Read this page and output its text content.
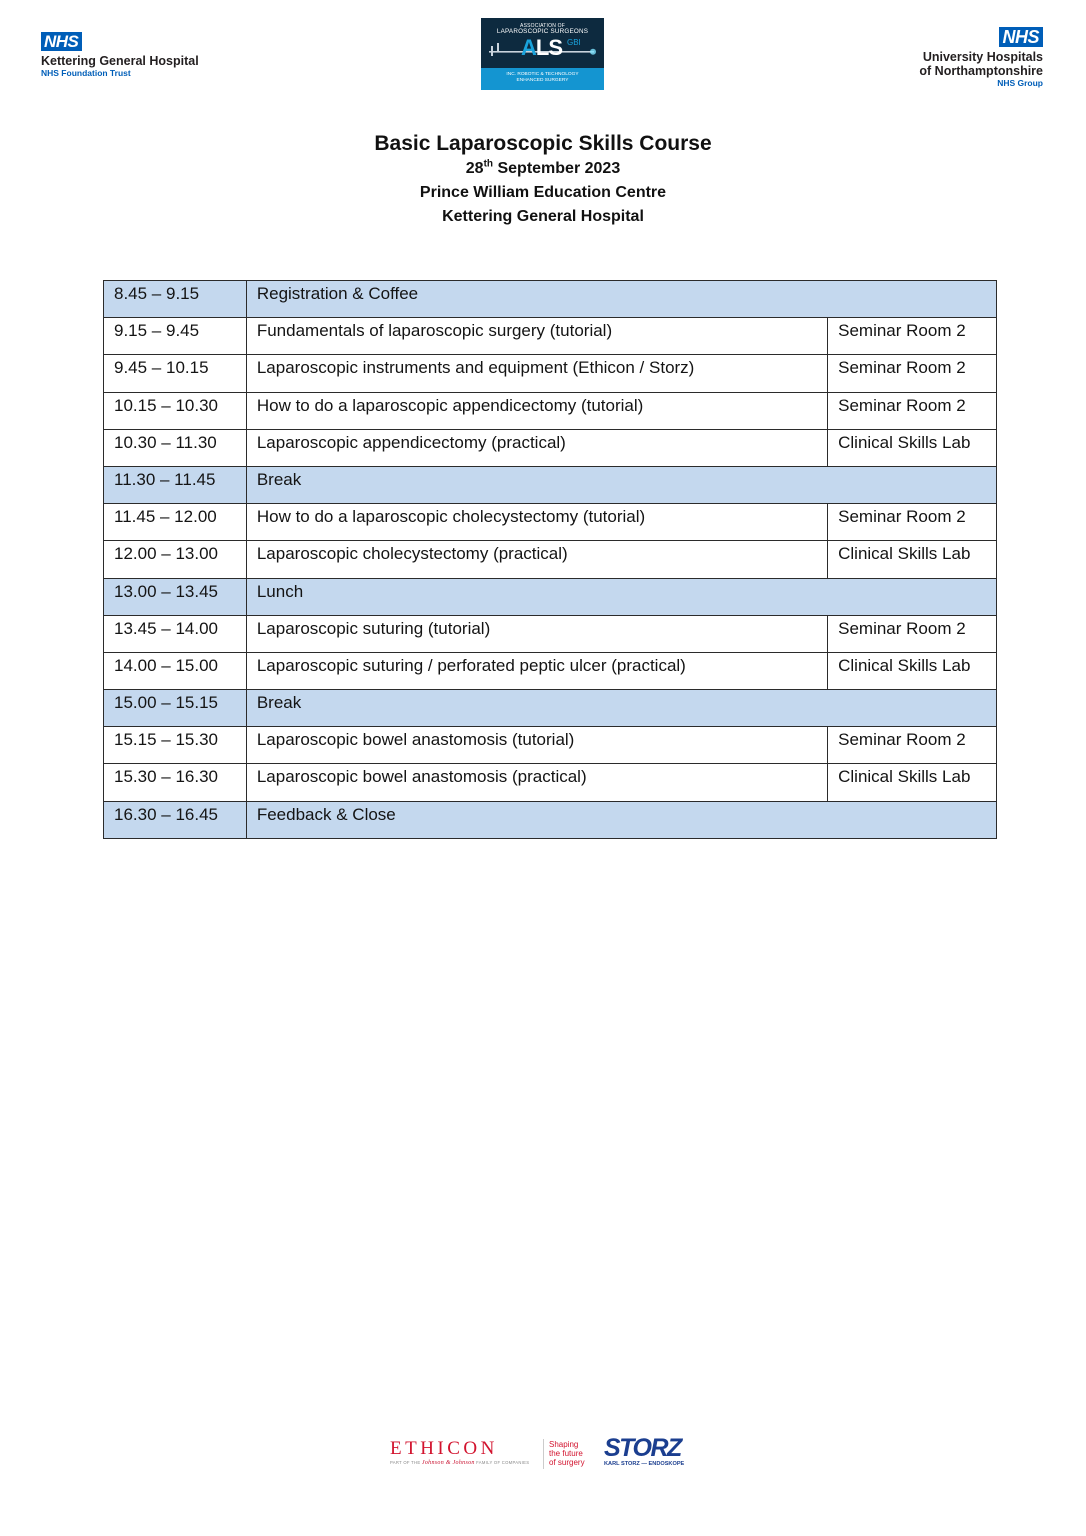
NHS
Kettering General Hospital
NHS Foundation Trust
ASSOCIATION OF
LAPAROSCOPIC SURGEONS
ALS GBI
INC. ROBOTIC & TECHNOLOGY
ENHANCED SURGERY
NHS
University Hospitals
of Northamptonshire
NHS Group
Basic Laparoscopic Skills Course
28th September 2023
Prince William Education Centre
Kettering General Hospital
8.45 – 9.15	Registration & Coffee	
9.15 – 9.45	Fundamentals of laparoscopic surgery (tutorial)	Seminar Room 2
9.45 – 10.15	Laparoscopic instruments and equipment (Ethicon / Storz)	Seminar Room 2
10.15 – 10.30	How to do a laparoscopic appendicectomy (tutorial)	Seminar Room 2
10.30 – 11.30	Laparoscopic appendicectomy (practical)	Clinical Skills Lab
11.30 – 11.45	Break	
11.45 – 12.00	How to do a laparoscopic cholecystectomy (tutorial)	Seminar Room 2
12.00 – 13.00	Laparoscopic cholecystectomy (practical)	Clinical Skills Lab
13.00 – 13.45	Lunch	
13.45 – 14.00	Laparoscopic suturing (tutorial)	Seminar Room 2
14.00 – 15.00	Laparoscopic suturing / perforated peptic ulcer (practical)	Clinical Skills Lab
15.00 – 15.15	Break	
15.15 – 15.30	Laparoscopic bowel anastomosis (tutorial)	Seminar Room 2
15.30 – 16.30	Laparoscopic bowel anastomosis (practical)	Clinical Skills Lab
16.30 – 16.45	Feedback & Close	
ETHICON
PART OF THE Johnson & Johnson FAMILY OF COMPANIES
Shaping
the future
of surgery
STORZ
KARL STORZ — ENDOSKOPE
